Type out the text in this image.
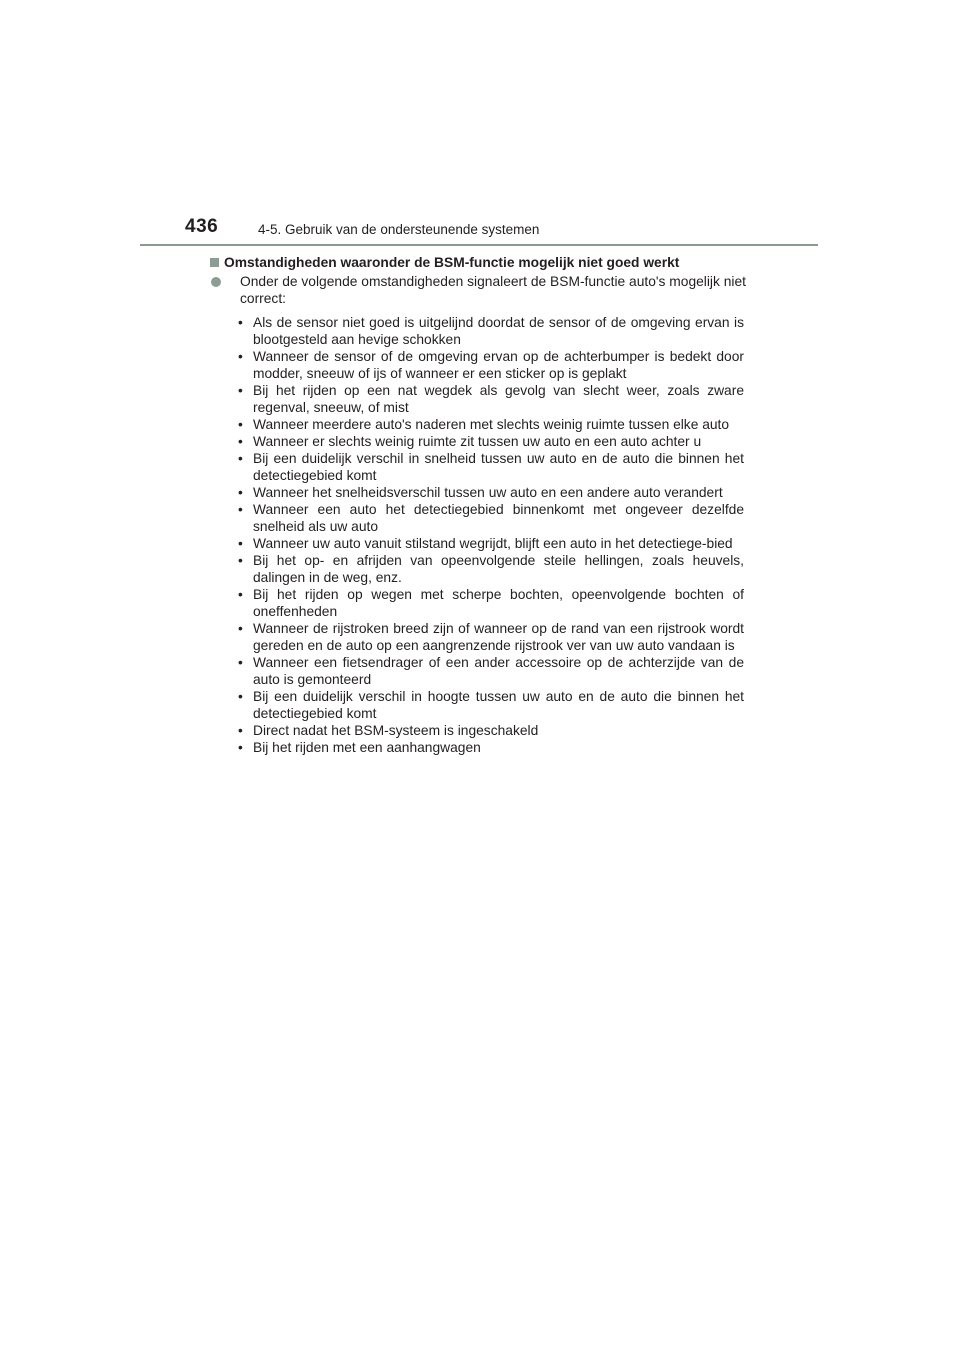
436	4-5. Gebruik van de ondersteunende systemen
Omstandigheden waaronder de BSM-functie mogelijk niet goed werkt
Onder de volgende omstandigheden signaleert de BSM-functie auto's mogelijk niet correct:
• Als de sensor niet goed is uitgelijnd doordat de sensor of de omgeving ervan is blootgesteld aan hevige schokken
• Wanneer de sensor of de omgeving ervan op de achterbumper is bedekt door modder, sneeuw of ijs of wanneer er een sticker op is geplakt
• Bij het rijden op een nat wegdek als gevolg van slecht weer, zoals zware regenval, sneeuw, of mist
• Wanneer meerdere auto's naderen met slechts weinig ruimte tussen elke auto
• Wanneer er slechts weinig ruimte zit tussen uw auto en een auto achter u
• Bij een duidelijk verschil in snelheid tussen uw auto en de auto die binnen het detectiegebied komt
• Wanneer het snelheidsverschil tussen uw auto en een andere auto verandert
• Wanneer een auto het detectiegebied binnenkomt met ongeveer dezelfde snelheid als uw auto
• Wanneer uw auto vanuit stilstand wegrijdt, blijft een auto in het detectiege-bied
• Bij het op- en afrijden van opeenvolgende steile hellingen, zoals heuvels, dalingen in de weg, enz.
• Bij het rijden op wegen met scherpe bochten, opeenvolgende bochten of oneffenheden
• Wanneer de rijstroken breed zijn of wanneer op de rand van een rijstrook wordt gereden en de auto op een aangrenzende rijstrook ver van uw auto vandaan is
• Wanneer een fietsendrager of een ander accessoire op de achterzijde van de auto is gemonteerd
• Bij een duidelijk verschil in hoogte tussen uw auto en de auto die binnen het detectiegebied komt
• Direct nadat het BSM-systeem is ingeschakeld
• Bij het rijden met een aanhangwagen
